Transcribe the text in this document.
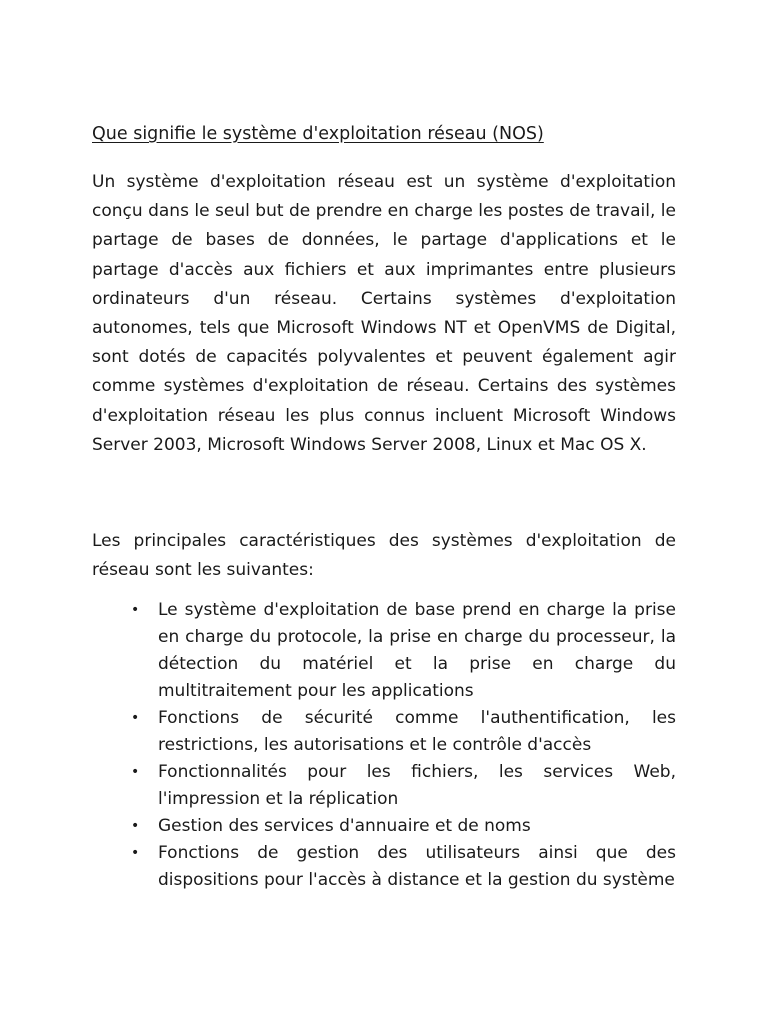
Que signifie le système d'exploitation réseau (NOS)

Un système d'exploitation réseau est un système d'exploitation conçu dans le seul but de prendre en charge les postes de travail, le partage de bases de données, le partage d'applications et le partage d'accès aux fichiers et aux imprimantes entre plusieurs ordinateurs d'un réseau. Certains systèmes d'exploitation autonomes, tels que Microsoft Windows NT et OpenVMS de Digital, sont dotés de capacités polyvalentes et peuvent également agir comme systèmes d'exploitation de réseau. Certains des systèmes d'exploitation réseau les plus connus incluent Microsoft Windows Server 2003, Microsoft Windows Server 2008, Linux et Mac OS X.

Les principales caractéristiques des systèmes d'exploitation de réseau sont les suivantes:

• Le système d'exploitation de base prend en charge la prise en charge du protocole, la prise en charge du processeur, la détection du matériel et la prise en charge du multitraitement pour les applications
• Fonctions de sécurité comme l'authentification, les restrictions, les autorisations et le contrôle d'accès
• Fonctionnalités pour les fichiers, les services Web, l'impression et la réplication
• Gestion des services d'annuaire et de noms
• Fonctions de gestion des utilisateurs ainsi que des dispositions pour l'accès à distance et la gestion du système
